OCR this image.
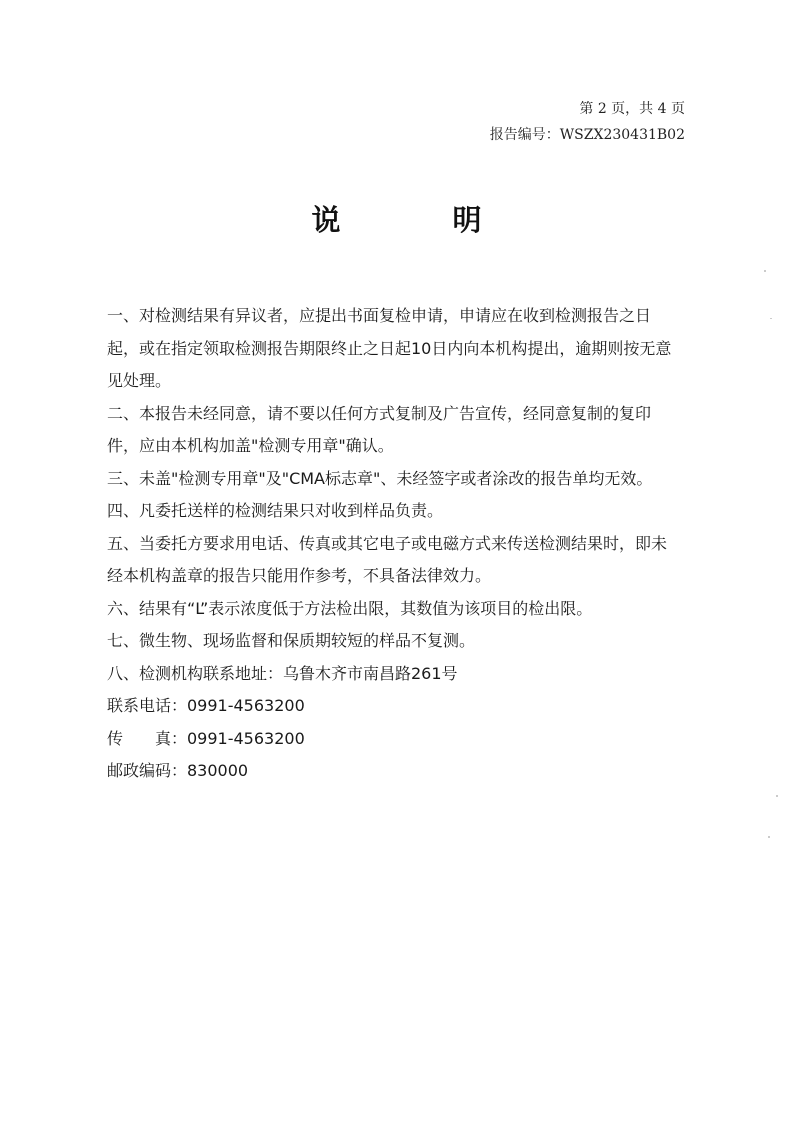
第 2 页，共 4 页
报告编号：WSZX230431B02
说	明

一、对检测结果有异议者，应提出书面复检申请，申请应在收到检测报告之日起，或在指定领取检测报告期限终止之日起10日内向本机构提出，逾期则按无意见处理。

二、本报告未经同意，请不要以任何方式复制及广告宣传，经同意复制的复印件，应由本机构加盖"检测专用章"确认。

三、未盖"检测专用章"及"CMA标志章"、未经签字或者涂改的报告单均无效。

四、凡委托送样的检测结果只对收到样品负责。

五、当委托方要求用电话、传真或其它电子或电磁方式来传送检测结果时，即未经本机构盖章的报告只能用作参考，不具备法律效力。

六、结果有“L”表示浓度低于方法检出限，其数值为该项目的检出限。

七、微生物、现场监督和保质期较短的样品不复测。

八、检测机构联系地址：乌鲁木齐市南昌路261号

联系电话：0991-4563200

传　　真：0991-4563200

邮政编码：830000
